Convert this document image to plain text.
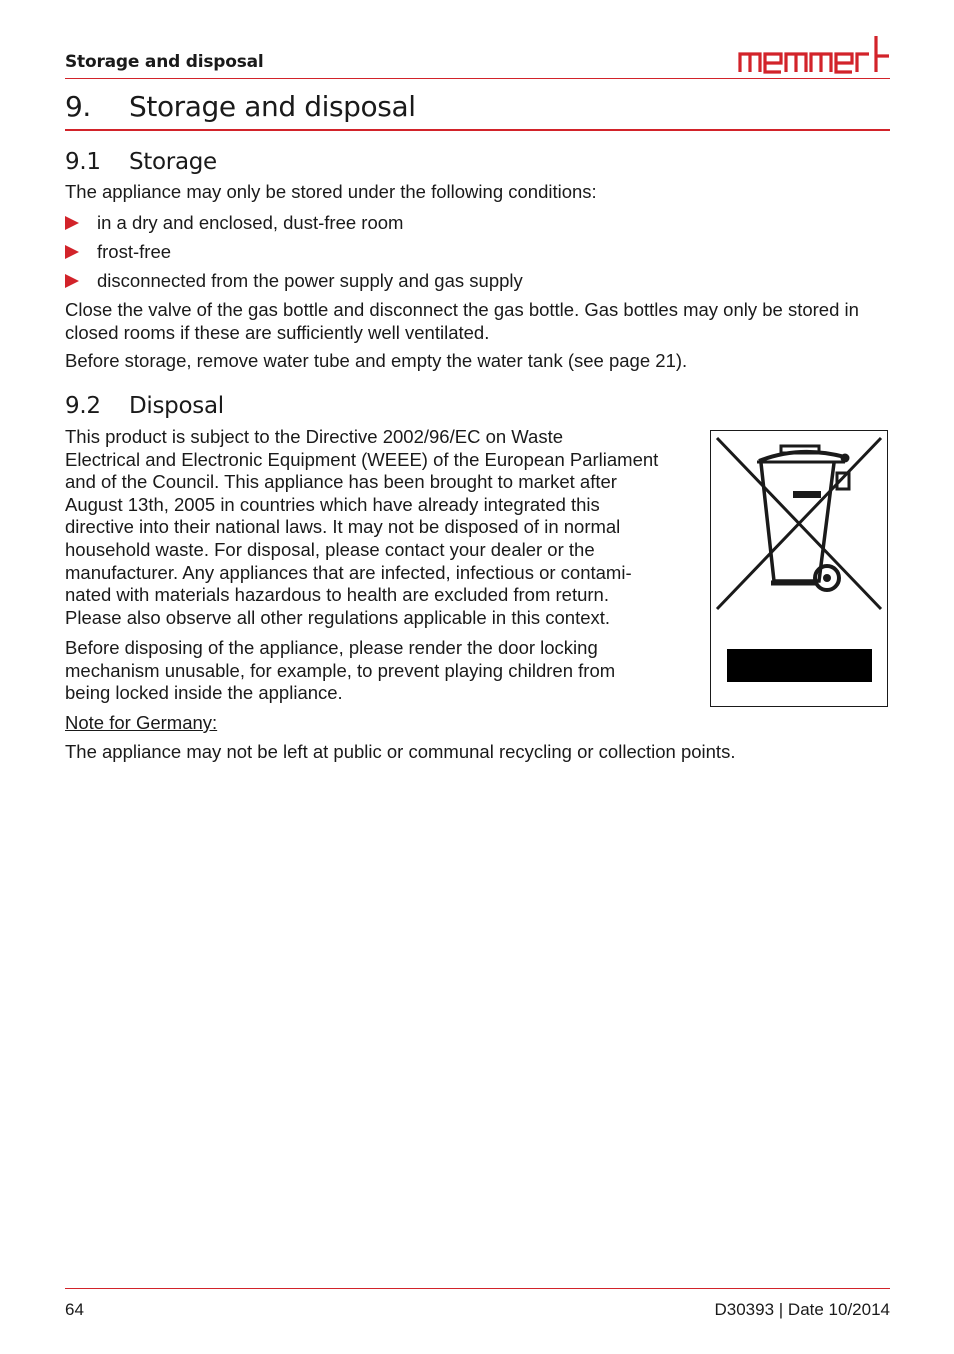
Storage and disposal
9. Storage and disposal
9.1 Storage

The appliance may only be stored under the following conditions:

in a dry and enclosed, dust-free room
frost-free
disconnected from the power supply and gas supply

Close the valve of the gas bottle and disconnect the gas bottle. Gas bottles may only be stored in closed rooms if these are sufficiently well ventilated.

Before storage, remove water tube and empty the water tank (see page 21).

9.2 Disposal
This product is subject to the Directive 2002/96/EC on Waste
Electrical and Electronic Equipment (WEEE) of the European Parliament
and of the Council. This appliance has been brought to market after
August 13th, 2005 in countries which have already integrated this
directive into their national laws. It may not be disposed of in normal
household waste. For disposal, please contact your dealer or the
manufacturer. Any appliances that are infected, infectious or contami-
nated with materials hazardous to health are excluded from return.
Please also observe all other regulations applicable in this context.
Before disposing of the appliance, please render the door locking
mechanism unusable, for example, to prevent playing children from
being locked inside the appliance.

Note for Germany:

The appliance may not be left at public or communal recycling or collection points.

64	D30393 | Date 10/2014
